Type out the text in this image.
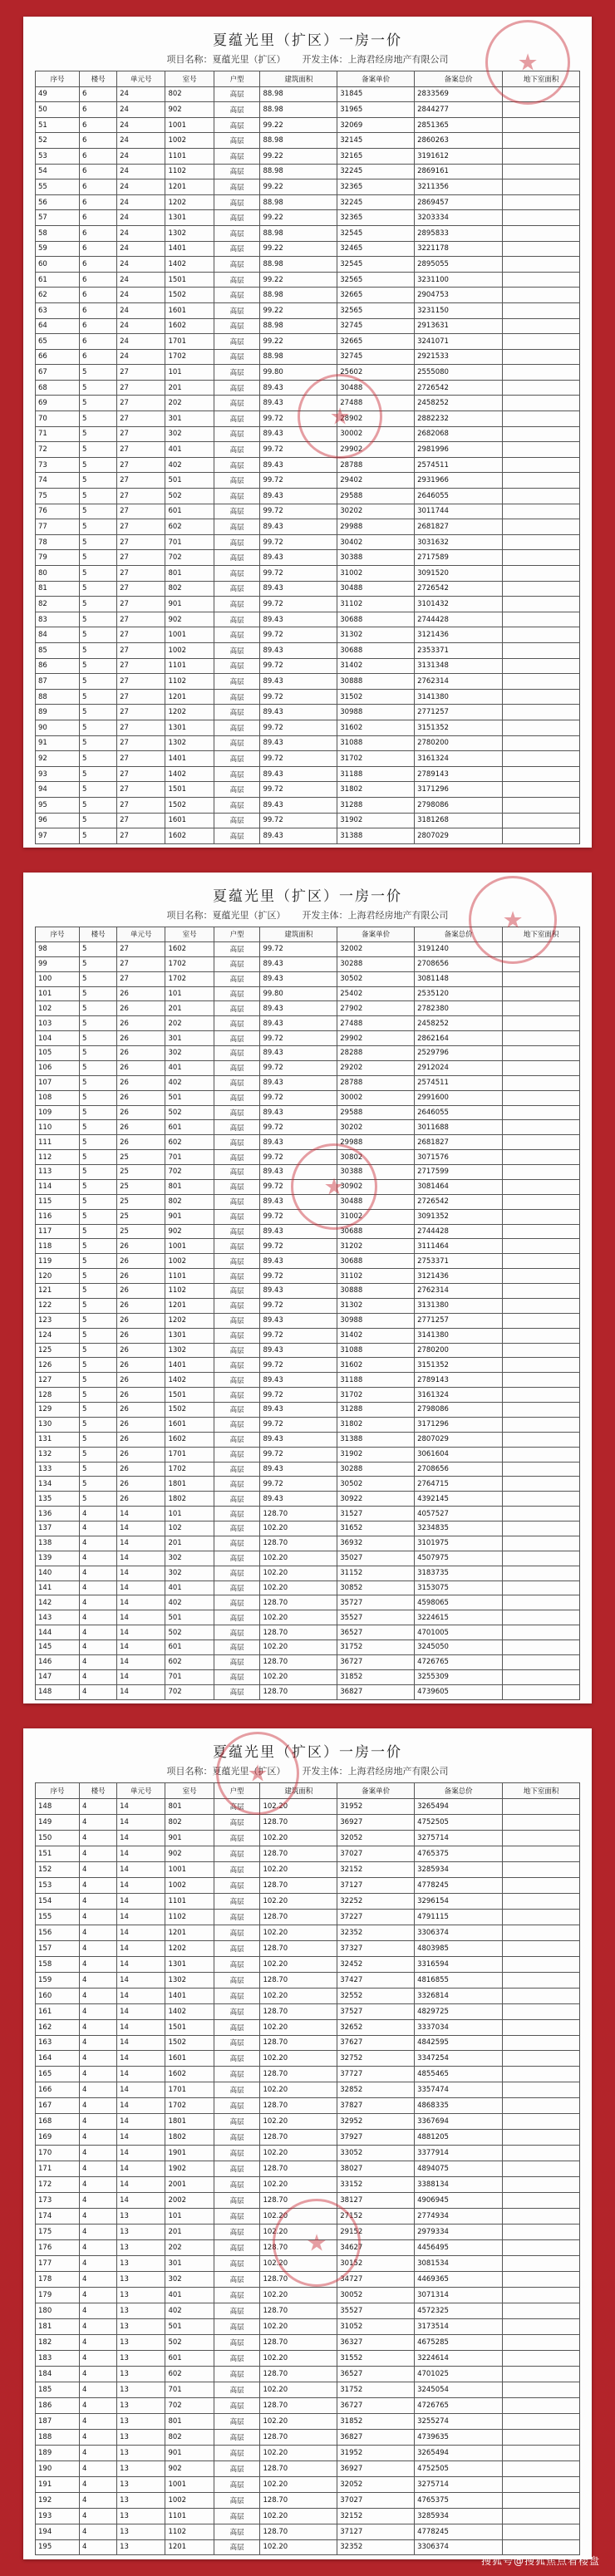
夏蕴光里（扩区）一房一价
项目名称：夏蕴光里（扩区） 开发主体：上海君经房地产有限公司
序号	楼号	单元号	室号	户型	建筑面积	备案单价	备案总价	地下室面积
49	6	24	802	高层	88.98	31845	2833569	
50	6	24	902	高层	88.98	31965	2844277	
51	6	24	1001	高层	99.22	32069	2851365	
52	6	24	1002	高层	88.98	32145	2860263	
53	6	24	1101	高层	99.22	32165	3191612	
54	6	24	1102	高层	88.98	32245	2869161	
55	6	24	1201	高层	99.22	32365	3211356	
56	6	24	1202	高层	88.98	32245	2869457	
57	6	24	1301	高层	99.22	32365	3203334	
58	6	24	1302	高层	88.98	32545	2895833	
59	6	24	1401	高层	99.22	32465	3221178	
60	6	24	1402	高层	88.98	32545	2895055	
61	6	24	1501	高层	99.22	32565	3231100	
62	6	24	1502	高层	88.98	32665	2904753	
63	6	24	1601	高层	99.22	32565	3231150	
64	6	24	1602	高层	88.98	32745	2913631	
65	6	24	1701	高层	99.22	32665	3241071	
66	6	24	1702	高层	88.98	32745	2921533	
67	5	27	101	高层	99.80	25602	2555080	
68	5	27	201	高层	89.43	30488	2726542	
69	5	27	202	高层	89.43	27488	2458252	
70	5	27	301	高层	99.72	28902	2882232	
71	5	27	302	高层	89.43	30002	2682068	
72	5	27	401	高层	99.72	29902	2981996	
73	5	27	402	高层	89.43	28788	2574511	
74	5	27	501	高层	99.72	29402	2931966	
75	5	27	502	高层	89.43	29588	2646055	
76	5	27	601	高层	99.72	30202	3011744	
77	5	27	602	高层	89.43	29988	2681827	
78	5	27	701	高层	99.72	30402	3031632	
79	5	27	702	高层	89.43	30388	2717589	
80	5	27	801	高层	99.72	31002	3091520	
81	5	27	802	高层	89.43	30488	2726542	
82	5	27	901	高层	99.72	31102	3101432	
83	5	27	902	高层	89.43	30688	2744428	
84	5	27	1001	高层	99.72	31302	3121436	
85	5	27	1002	高层	89.43	30688	2353371	
86	5	27	1101	高层	99.72	31402	3131348	
87	5	27	1102	高层	89.43	30888	2762314	
88	5	27	1201	高层	99.72	31502	3141380	
89	5	27	1202	高层	89.43	30988	2771257	
90	5	27	1301	高层	99.72	31602	3151352	
91	5	27	1302	高层	89.43	31088	2780200	
92	5	27	1401	高层	99.72	31702	3161324	
93	5	27	1402	高层	89.43	31188	2789143	
94	5	27	1501	高层	99.72	31802	3171296	
95	5	27	1502	高层	89.43	31288	2798086	
96	5	27	1601	高层	99.72	31902	3181268	
97	5	27	1602	高层	89.43	31388	2807029	
★
★
夏蕴光里（扩区）一房一价
项目名称：夏蕴光里（扩区） 开发主体：上海君经房地产有限公司
序号	楼号	单元号	室号	户型	建筑面积	备案单价	备案总价	地下室面积
98	5	27	1602	高层	99.72	32002	3191240	
99	5	27	1702	高层	89.43	30288	2708656	
100	5	27	1702	高层	89.43	30502	3081148	
101	5	26	101	高层	99.80	25402	2535120	
102	5	26	201	高层	89.43	27902	2782380	
103	5	26	202	高层	89.43	27488	2458252	
104	5	26	301	高层	99.72	29902	2862164	
105	5	26	302	高层	89.43	28288	2529796	
106	5	26	401	高层	99.72	29202	2912024	
107	5	26	402	高层	89.43	28788	2574511	
108	5	26	501	高层	99.72	30002	2991600	
109	5	26	502	高层	89.43	29588	2646055	
110	5	26	601	高层	99.72	30202	3011688	
111	5	26	602	高层	89.43	29988	2681827	
112	5	25	701	高层	99.72	30802	3071576	
113	5	25	702	高层	89.43	30388	2717599	
114	5	25	801	高层	99.72	30902	3081464	
115	5	25	802	高层	89.43	30488	2726542	
116	5	25	901	高层	99.72	31002	3091352	
117	5	25	902	高层	89.43	30688	2744428	
118	5	26	1001	高层	99.72	31202	3111464	
119	5	26	1002	高层	89.43	30688	2753371	
120	5	26	1101	高层	99.72	31102	3121436	
121	5	26	1102	高层	89.43	30888	2762314	
122	5	26	1201	高层	99.72	31302	3131380	
123	5	26	1202	高层	89.43	30988	2771257	
124	5	26	1301	高层	99.72	31402	3141380	
125	5	26	1302	高层	89.43	31088	2780200	
126	5	26	1401	高层	99.72	31602	3151352	
127	5	26	1402	高层	89.43	31188	2789143	
128	5	26	1501	高层	99.72	31702	3161324	
129	5	26	1502	高层	89.43	31288	2798086	
130	5	26	1601	高层	99.72	31802	3171296	
131	5	26	1602	高层	89.43	31388	2807029	
132	5	26	1701	高层	99.72	31902	3061604	
133	5	26	1702	高层	89.43	30288	2708656	
134	5	26	1801	高层	99.72	30502	2764715	
135	5	26	1802	高层	89.43	30922	4392145	
136	4	14	101	高层	128.70	31527	4057527	
137	4	14	102	高层	102.20	31652	3234835	
138	4	14	201	高层	128.70	36932	3101975	
139	4	14	302	高层	102.20	35027	4507975	
140	4	14	302	高层	102.20	31152	3183735	
141	4	14	401	高层	102.20	30852	3153075	
142	4	14	402	高层	128.70	35727	4598065	
143	4	14	501	高层	102.20	35527	3224615	
144	4	14	502	高层	128.70	36527	4701005	
145	4	14	601	高层	102.20	31752	3245050	
146	4	14	602	高层	128.70	36727	4726765	
147	4	14	701	高层	102.20	31852	3255309	
148	4	14	702	高层	128.70	36827	4739605	
★
★
夏蕴光里（扩区）一房一价
项目名称：夏蕴光里（扩区） 开发主体：上海君经房地产有限公司
序号	楼号	单元号	室号	户型	建筑面积	备案单价	备案总价	地下室面积
148	4	14	801	高层	102.20	31952	3265494	
149	4	14	802	高层	128.70	36927	4752505	
150	4	14	901	高层	102.20	32052	3275714	
151	4	14	902	高层	128.70	37027	4765375	
152	4	14	1001	高层	102.20	32152	3285934	
153	4	14	1002	高层	128.70	37127	4778245	
154	4	14	1101	高层	102.20	32252	3296154	
155	4	14	1102	高层	128.70	37227	4791115	
156	4	14	1201	高层	102.20	32352	3306374	
157	4	14	1202	高层	128.70	37327	4803985	
158	4	14	1301	高层	102.20	32452	3316594	
159	4	14	1302	高层	128.70	37427	4816855	
160	4	14	1401	高层	102.20	32552	3326814	
161	4	14	1402	高层	128.70	37527	4829725	
162	4	14	1501	高层	102.20	32652	3337034	
163	4	14	1502	高层	128.70	37627	4842595	
164	4	14	1601	高层	102.20	32752	3347254	
165	4	14	1602	高层	128.70	37727	4855465	
166	4	14	1701	高层	102.20	32852	3357474	
167	4	14	1702	高层	128.70	37827	4868335	
168	4	14	1801	高层	102.20	32952	3367694	
169	4	14	1802	高层	128.70	37927	4881205	
170	4	14	1901	高层	102.20	33052	3377914	
171	4	14	1902	高层	128.70	38027	4894075	
172	4	14	2001	高层	102.20	33152	3388134	
173	4	14	2002	高层	128.70	38127	4906945	
174	4	13	101	高层	102.20	27152	2774934	
175	4	13	201	高层	102.20	29152	2979334	
176	4	13	202	高层	128.70	34627	4456495	
177	4	13	301	高层	102.20	30152	3081534	
178	4	13	302	高层	128.70	34727	4469365	
179	4	13	401	高层	102.20	30052	3071314	
180	4	13	402	高层	128.70	35527	4572325	
181	4	13	501	高层	102.20	31052	3173514	
182	4	13	502	高层	128.70	36327	4675285	
183	4	13	601	高层	102.20	31552	3224614	
184	4	13	602	高层	128.70	36527	4701025	
185	4	13	701	高层	102.20	31752	3245054	
186	4	13	702	高层	128.70	36727	4726765	
187	4	13	801	高层	102.20	31852	3255274	
188	4	13	802	高层	128.70	36827	4739635	
189	4	13	901	高层	102.20	31952	3265494	
190	4	13	902	高层	128.70	36927	4752505	
191	4	13	1001	高层	102.20	32052	3275714	
192	4	13	1002	高层	128.70	37027	4765375	
193	4	13	1101	高层	102.20	32152	3285934	
194	4	13	1102	高层	128.70	37127	4778245	
195	4	13	1201	高层	102.20	32352	3306374	
★
★
搜狐号@搜狐焦点看楼盘
